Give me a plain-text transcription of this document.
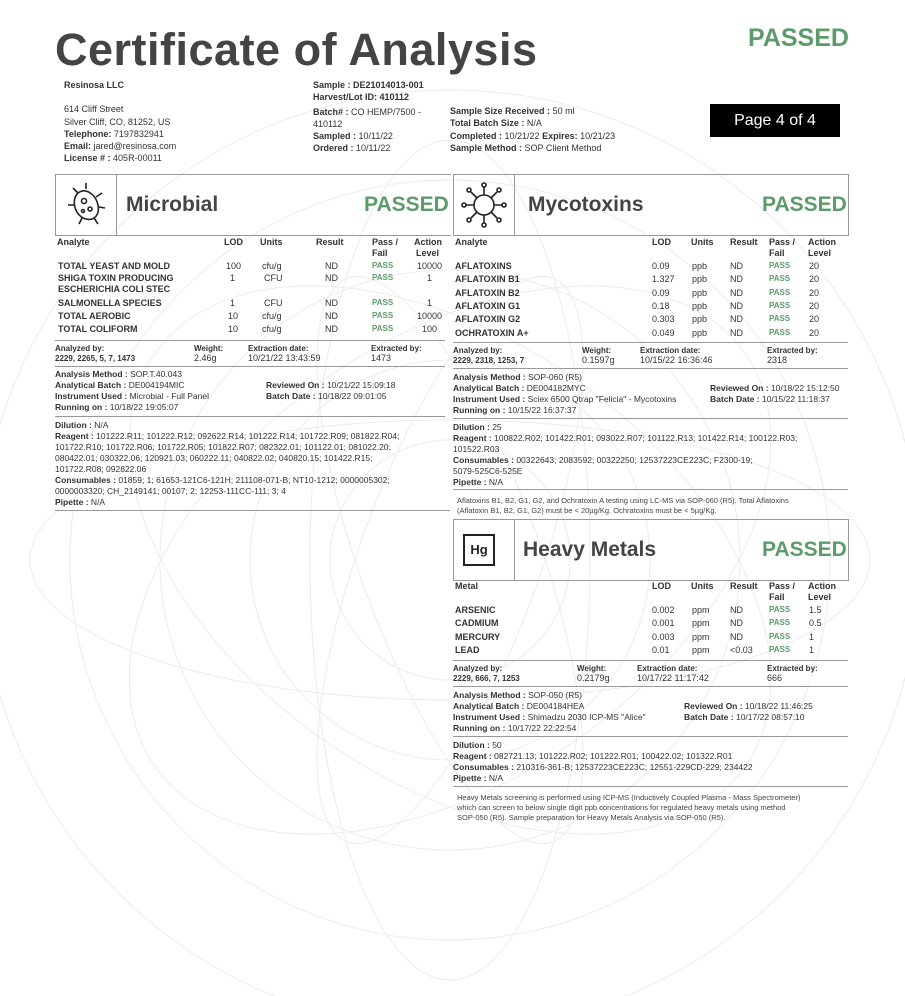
Certificate of Analysis	PASSED
Resinosa LLC
614 Cliff Street
Silver Cliff, CO, 81252, US
Telephone: 7197832941
Email: jared@resinosa.com
License # : 405R-00011
Sample : DE21014013-001
Harvest/Lot ID: 410112
Batch# : CO HEMP/7500 -
410112
Sampled : 10/11/22
Ordered : 10/11/22
Sample Size Received : 50 ml
Total Batch Size : N/A
Completed : 10/21/22 Expires: 10/21/23
Sample Method : SOP Client Method
Page 4 of 4
Microbial	PASSED
Analyte	LOD Units	Result	Pass /
Fail
Action
Level
TOTAL YEAST AND MOLD	100 cfu/g	ND	PASS	10000
SHIGA TOXIN PRODUCING
ESCHERICHIA COLI STEC
1	CFU	ND	PASS	1
SALMONELLA SPECIES	1	CFU	ND	PASS	1
TOTAL AEROBIC	10	cfu/g	ND	PASS	10000
TOTAL COLIFORM	10	cfu/g	ND	PASS	100
Analyzed by:
2229, 2265, 5, 7, 1473
Weight:
2.46g
Extraction date:
10/21/22 13:43:59
Extracted by:
1473
Analysis Method : SOP.T.40.043
Analytical Batch : DE004194MIC
Instrument Used : Microbial - Full Panel
Running on : 10/18/22 19:05:07
Reviewed On : 10/21/22 15:09:18
Batch Date : 10/18/22 09:01:05
Dilution : N/A
Reagent : 101222.R11; 101222.R12; 092622.R14; 101222.R14; 101722.R09; 081822.R04;
101722.R10; 101722.R06; 101722.R05; 101822.R07; 082322.01; 101122.01; 081022.20;
080422.01; 030322.06; 120921.03; 060222.11; 040822.02; 040820.15; 101422.R15;
101722.R08; 092822.06
Consumables : 01859; 1; 61653-121C6-121H; 211108-071-B; NT10-1212; 0000005302;
0000003320; CH_2149141; 00107; 2; 12253-111CC-111; 3; 4
Pipette : N/A
Mycotoxins	PASSED
Analyte	LOD Units Result Pass /
Fail
Action
Level
AFLATOXINS	0.09 ppb	ND	PASS 20
AFLATOXIN B1	1.327 ppb	ND	PASS 20
AFLATOXIN B2	0.09 ppb	ND	PASS 20
AFLATOXIN G1	0.18 ppb	ND	PASS 20
AFLATOXIN G2	0.303 ppb	ND	PASS 20
OCHRATOXIN A+	0.049 ppb	ND	PASS 20
Analyzed by:
2229, 2318, 1253, 7
Weight:
0.1597g
Extraction date:
10/15/22 16:36:46
Extracted by:
2318
Analysis Method : SOP-060 (R5)
Analytical Batch : DE004182MYC
Instrument Used : Sciex 6500 Qtrap "Felicia" - Mycotoxins
Running on : 10/15/22 16:37:37
Reviewed On : 10/18/22 15:12:50
Batch Date : 10/15/22 11:18:37
Dilution : 25
Reagent : 100822.R02; 101422.R01; 093022.R07; 101122.R13; 101422.R14; 100122.R03;
101522.R03
Consumables : 00322643; 2083592; 00322250; 12537223CE223C; F2300-19;
5079-525C6-525E
Pipette : N/A
Aflatoxins B1, B2, G1, G2, and Ochratoxin A testing using LC-MS via SOP-060 (R5). Total Aflatoxins
(Aflatoxin B1, B2, G1, G2) must be < 20µg/Kg. Ochratoxins must be < 5µg/Kg.
Hg	Heavy Metals	PASSED
Metal	LOD Units Result Pass /
Fail
Action
Level
ARSENIC	0.002 ppm ND	PASS 1.5
CADMIUM	0.001 ppm ND	PASS 0.5
MERCURY	0.003 ppm ND	PASS 1
LEAD	0.01 ppm <0.03 PASS 1
Analyzed by:
2229, 666, 7, 1253
Weight:
0.2179g
Extraction date:
10/17/22 11:17:42
Extracted by:
666
Analysis Method : SOP-050 (R5)
Analytical Batch : DE004184HEA
Instrument Used : Shimadzu 2030 ICP-MS "Alice"
Running on : 10/17/22 22:22:54
Reviewed On : 10/18/22 11:46:25
Batch Date : 10/17/22 08:57:10
Dilution : 50
Reagent : 082721.13; 101222.R02; 101222.R01; 100422.02; 101322.R01
Consumables : 210316-361-B; 12537223CE223C; 12551-229CD-229; 234422
Pipette : N/A
Heavy Metals screening is performed using ICP-MS (Inductively Coupled Plasma - Mass Spectrometer)
which can screen to below single digit ppb concentrations for regulated heavy metals using method
SOP-050 (R5). Sample preparation for Heavy Metals Analysis via SOP-050 (R5).
